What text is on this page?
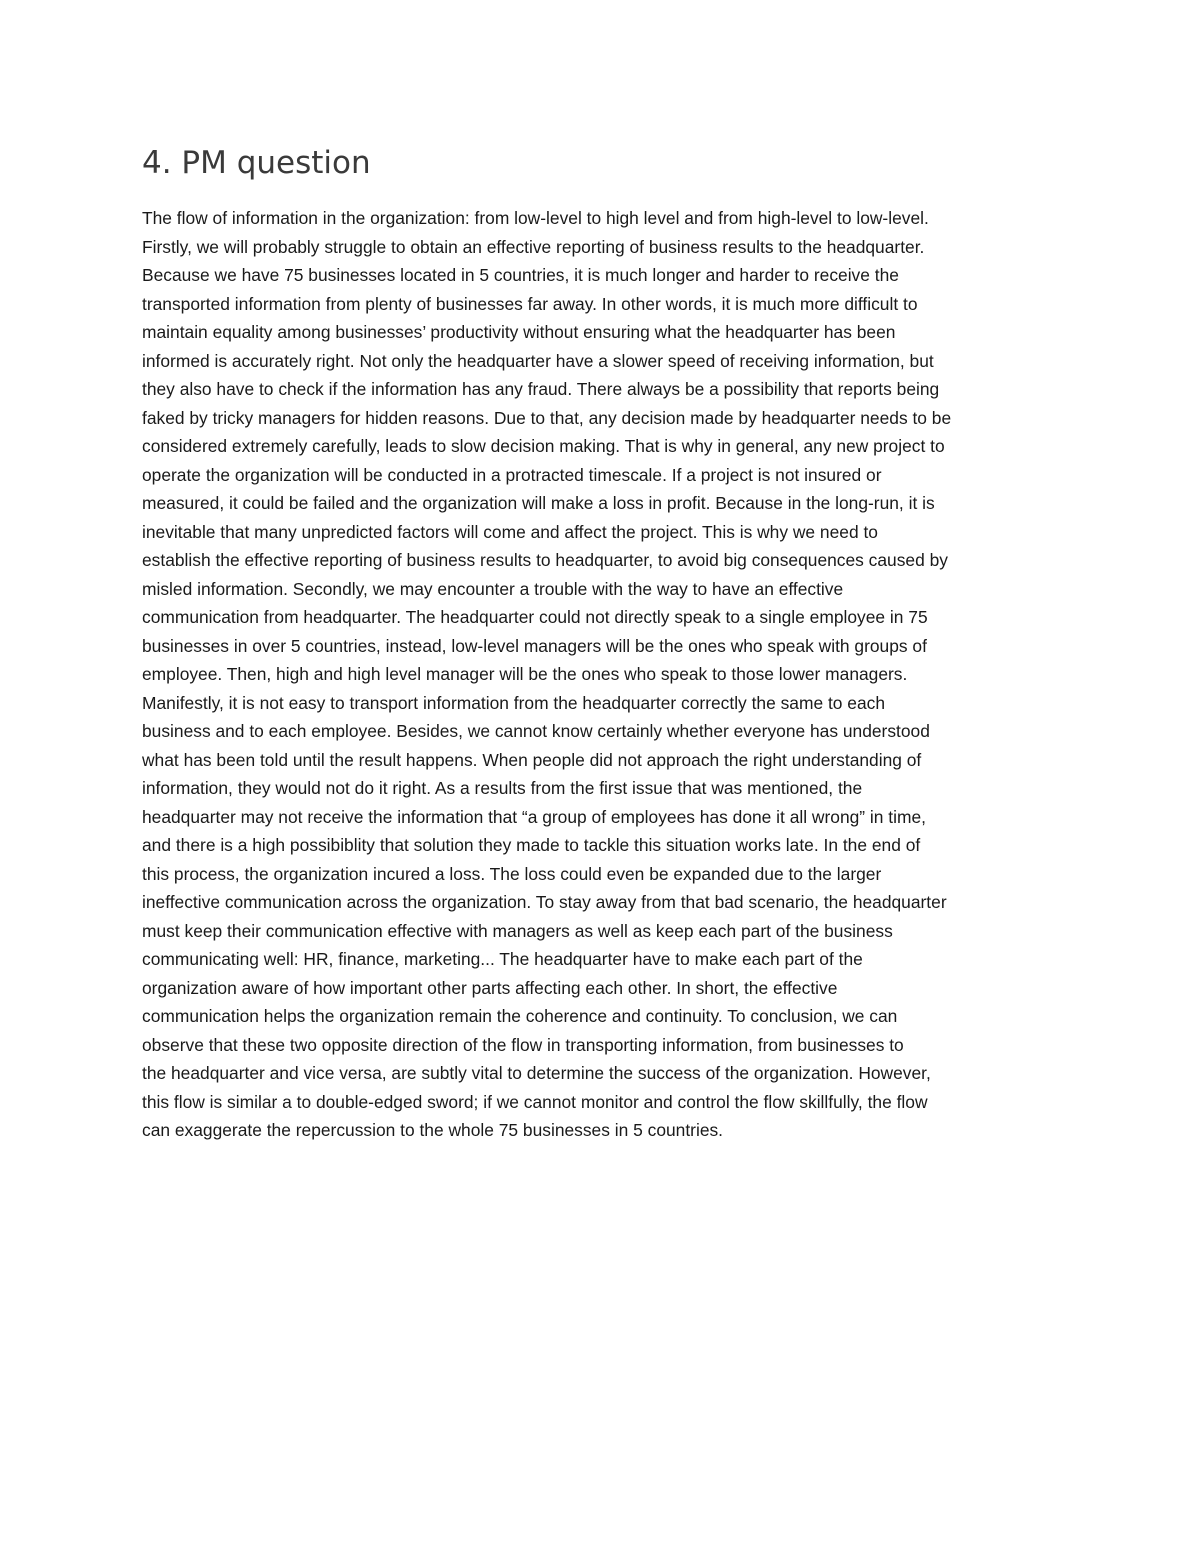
4. PM question
The flow of information in the organization: from low-level to high level and from high-level to low-level.
Firstly, we will probably struggle to obtain an effective reporting of business results to the headquarter.
Because we have 75 businesses located in 5 countries, it is much longer and harder to receive the
transported information from plenty of businesses far away. In other words, it is much more difficult to
maintain equality among businesses’ productivity without ensuring what the headquarter has been
informed is accurately right. Not only the headquarter have a slower speed of receiving information, but
they also have to check if the information has any fraud. There always be a possibility that reports being
faked by tricky managers for hidden reasons. Due to that, any decision made by headquarter needs to be
considered extremely carefully, leads to slow decision making. That is why in general, any new project to
operate the organization will be conducted in a protracted timescale. If a project is not insured or
measured, it could be failed and the organization will make a loss in profit. Because in the long-run, it is
inevitable that many unpredicted factors will come and affect the project. This is why we need to
establish the effective reporting of business results to headquarter, to avoid big consequences caused by
misled information. Secondly, we may encounter a trouble with the way to have an effective
communication from headquarter. The headquarter could not directly speak to a single employee in 75
businesses in over 5 countries, instead, low-level managers will be the ones who speak with groups of
employee. Then, high and high level manager will be the ones who speak to those lower managers.
Manifestly, it is not easy to transport information from the headquarter correctly the same to each
business and to each employee. Besides, we cannot know certainly whether everyone has understood
what has been told until the result happens. When people did not approach the right understanding of
information, they would not do it right. As a results from the first issue that was mentioned, the
headquarter may not receive the information that “a group of employees has done it all wrong” in time,
and there is a high possibiblity that solution they made to tackle this situation works late. In the end of
this process, the organization incured a loss. The loss could even be expanded due to the larger
ineffective communication across the organization. To stay away from that bad scenario, the headquarter
must keep their communication effective with managers as well as keep each part of the business
communicating well: HR, finance, marketing... The headquarter have to make each part of the
organization aware of how important other parts affecting each other. In short, the effective
communication helps the organization remain the coherence and continuity. To conclusion, we can
observe that these two opposite direction of the flow in transporting information, from businesses to
the headquarter and vice versa, are subtly vital to determine the success of the organization. However,
this flow is similar a to double-edged sword; if we cannot monitor and control the flow skillfully, the flow
can exaggerate the repercussion to the whole 75 businesses in 5 countries.
